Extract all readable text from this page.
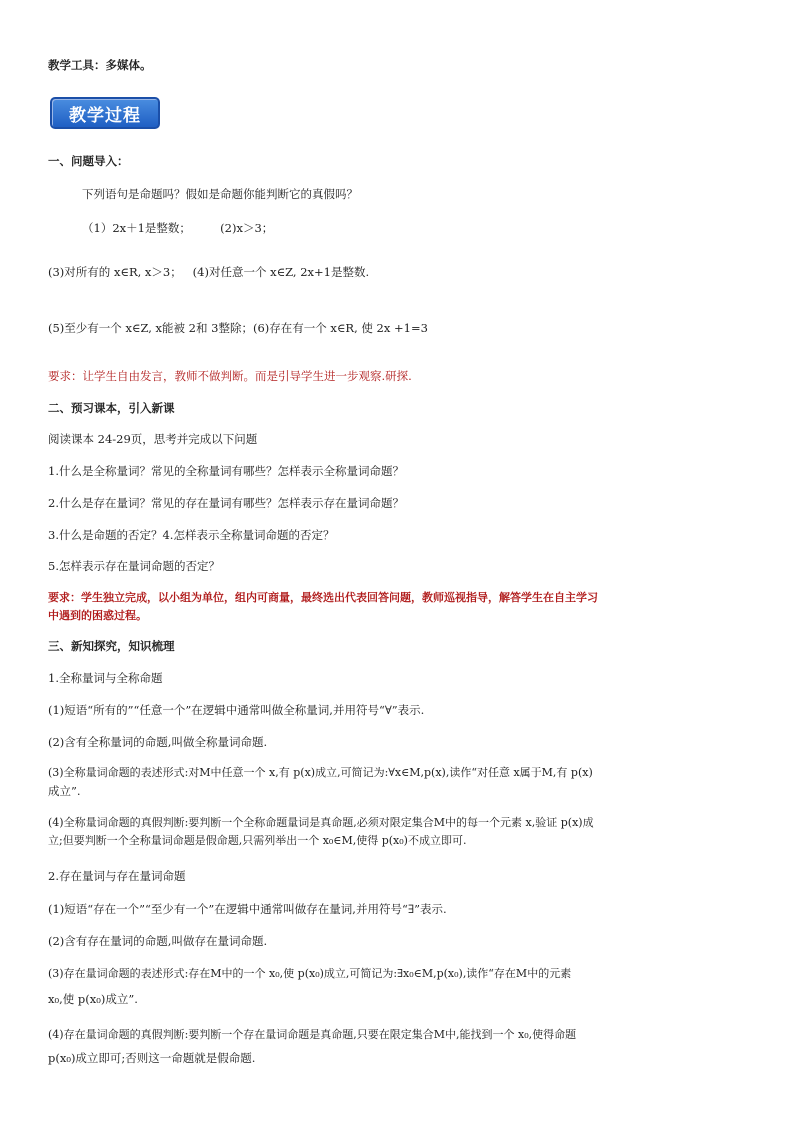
教学工具：多媒体。
教学过程
一、问题导入：
下列语句是命题吗？假如是命题你能判断它的真假吗？
（1）2x＋1是整数；        (2)x＞3；
(3)对所有的 x∈R, x＞3；   (4)对任意一个 x∈Z, 2x+1是整数.
(5)至少有一个 x∈Z, x能被 2和 3整除；(6)存在有一个 x∈R, 使 2x +1=3
要求：让学生自由发言，教师不做判断。而是引导学生进一步观察.研探.
二、预习课本，引入新课
阅读课本 24-29页，思考并完成以下问题
1.什么是全称量词？常见的全称量词有哪些？怎样表示全称量词命题？
2.什么是存在量词？常见的存在量词有哪些？怎样表示存在量词命题？
3.什么是命题的否定？4.怎样表示全称量词命题的否定？
5.怎样表示存在量词命题的否定？
要求：学生独立完成，以小组为单位，组内可商量，最终选出代表回答问题，教师巡视指导，解答学生在自主学习
中遇到的困惑过程。
三、新知探究，知识梳理
1.全称量词与全称命题
(1)短语“所有的”“任意一个”在逻辑中通常叫做全称量词,并用符号“∀”表示.
(2)含有全称量词的命题,叫做全称量词命题.
(3)全称量词命题的表述形式:对M中任意一个 x,有 p(x)成立,可简记为:∀x∈M,p(x),读作“对任意 x属于M,有 p(x)
成立”.
(4)全称量词命题的真假判断:要判断一个全称命题量词是真命题,必须对限定集合M中的每一个元素 x,验证 p(x)成
立;但要判断一个全称量词命题是假命题,只需列举出一个 x₀∈M,使得 p(x₀)不成立即可.
2.存在量词与存在量词命题
(1)短语“存在一个”“至少有一个”在逻辑中通常叫做存在量词,并用符号“∃”表示.
(2)含有存在量词的命题,叫做存在量词命题.
(3)存在量词命题的表述形式:存在M中的一个 x₀,使 p(x₀)成立,可简记为:∃x₀∈M,p(x₀),读作“存在M中的元素
x₀,使 p(x₀)成立”.
(4)存在量词命题的真假判断:要判断一个存在量词命题是真命题,只要在限定集合M中,能找到一个 x₀,使得命题
p(x₀)成立即可;否则这一命题就是假命题.
